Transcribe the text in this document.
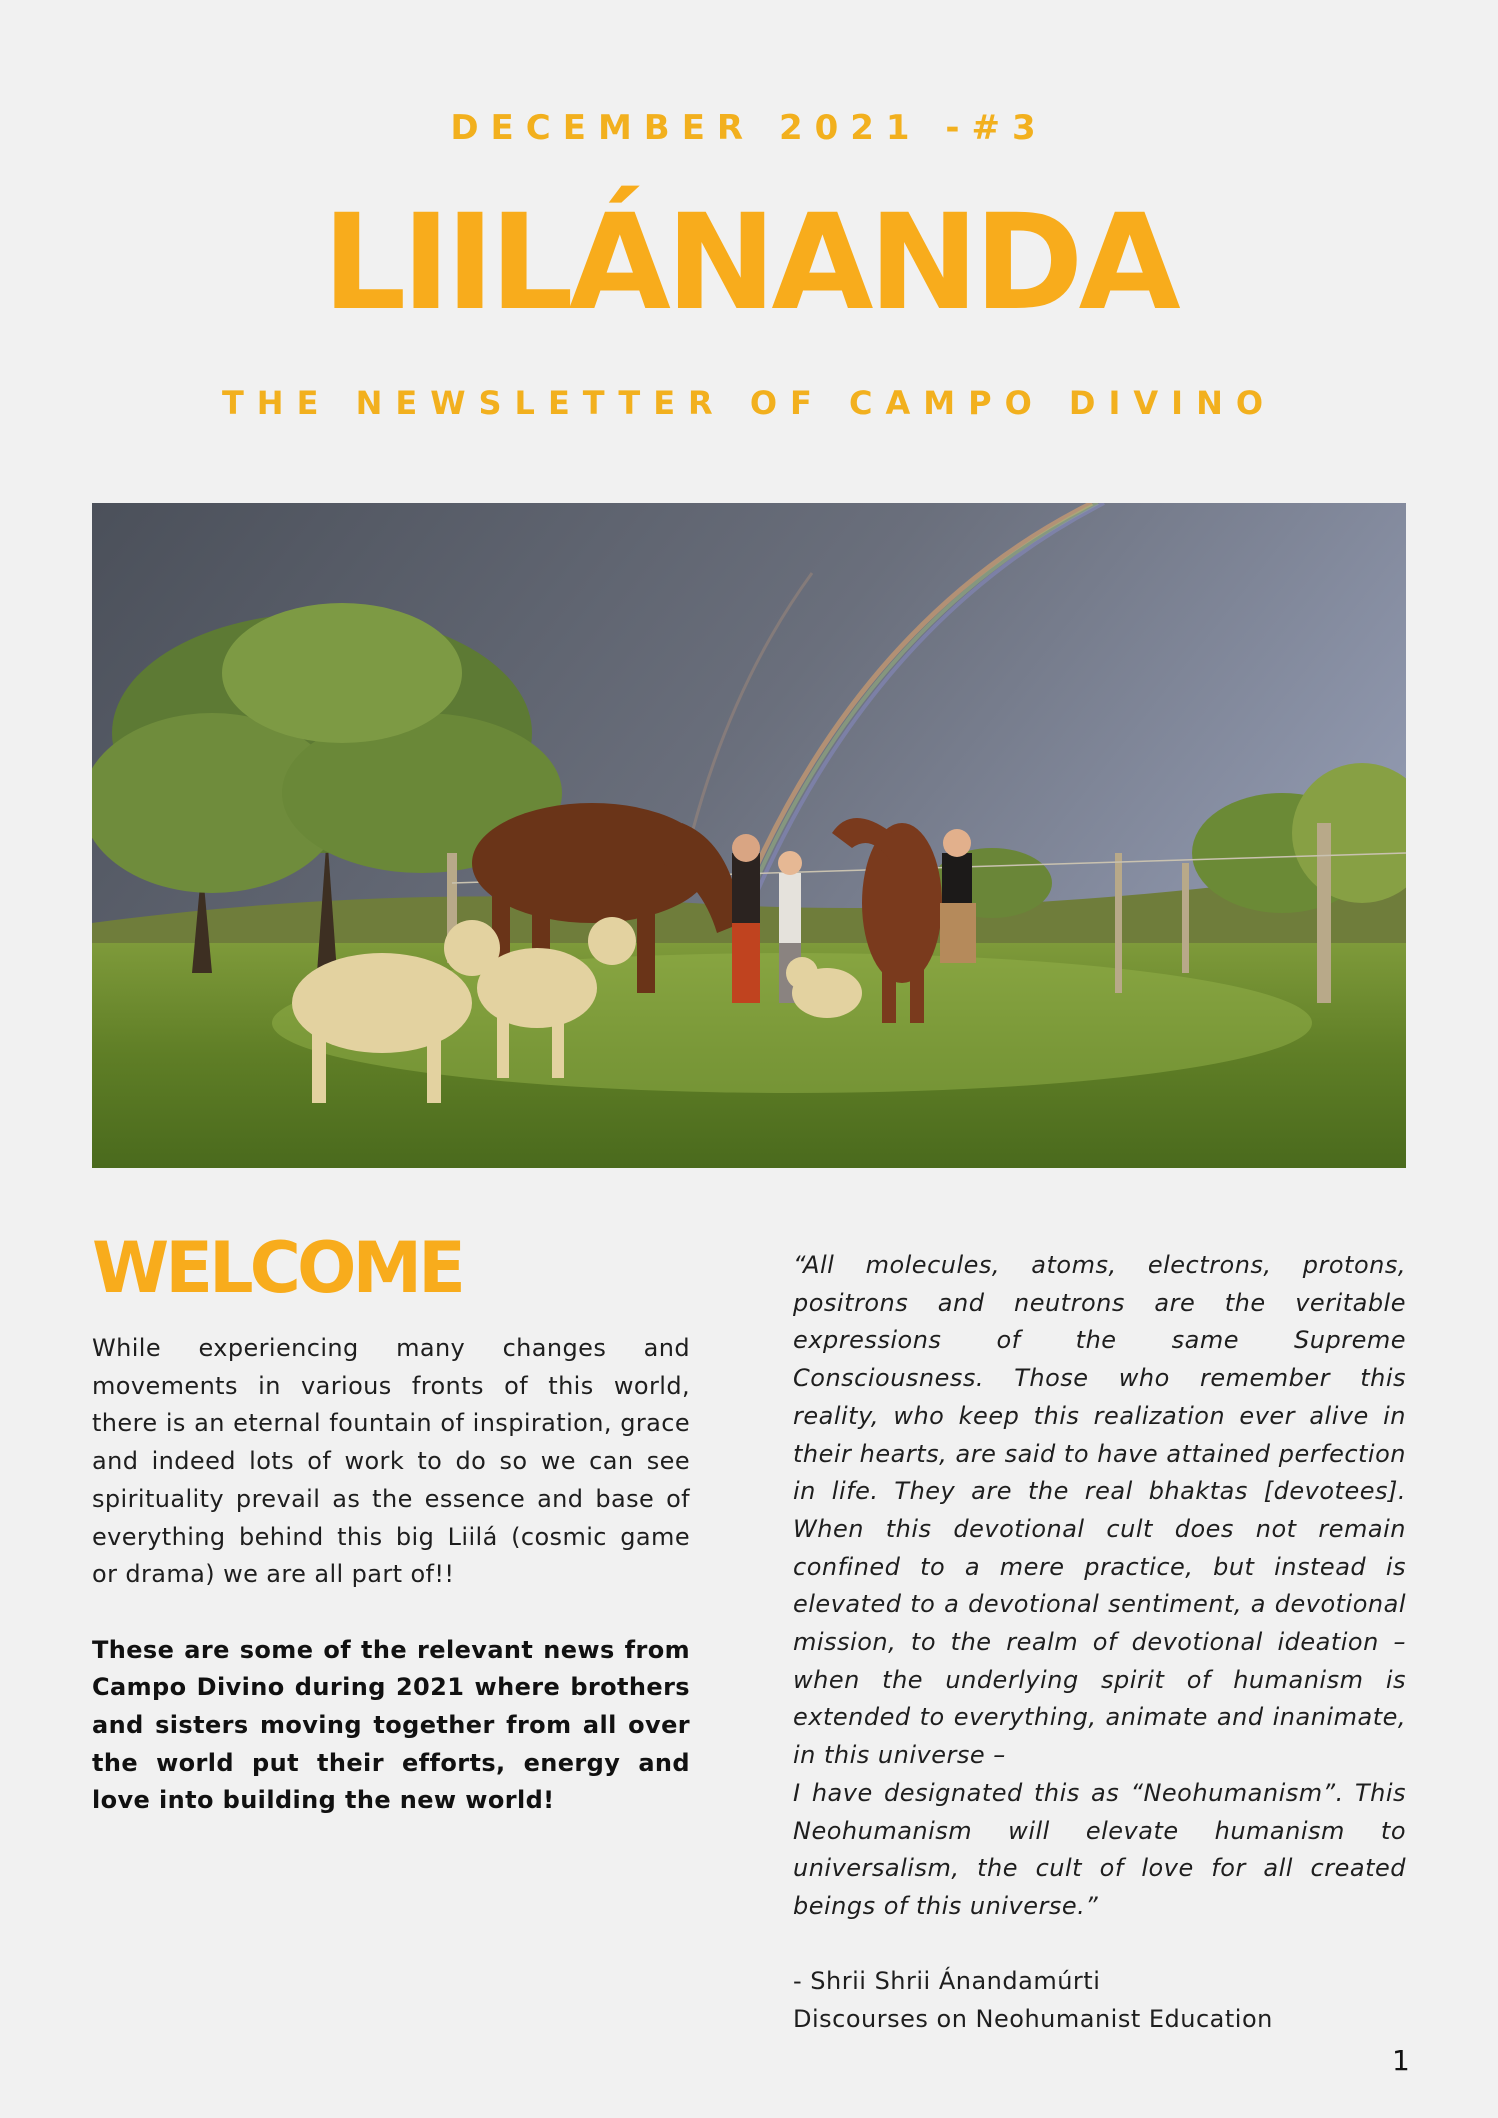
DECEMBER 2021 -#3
LIILÁNANDA
THE NEWSLETTER OF CAMPO DIVINO
WELCOME

While experiencing many changes and movements in various fronts of this world, there is an eternal fountain of inspiration, grace and indeed lots of work to do so we can see spirituality prevail as the essence and base of everything behind this big Liilá (cosmic game or drama) we are all part of!!

These are some of the relevant news from Campo Divino during 2021 where brothers and sisters moving together from all over the world put their efforts, energy and love into building the new world!

“All molecules, atoms, electrons, protons, positrons and neutrons are the veritable expressions of the same Supreme Consciousness. Those who remember this reality, who keep this realization ever alive in their hearts, are said to have attained perfection in life. They are the real bhaktas [devotees]. When this devotional cult does not remain confined to a mere practice, but instead is elevated to a devotional sentiment, a devotional mission, to the realm of devotional ideation – when the underlying spirit of humanism is extended to everything, animate and inanimate, in this universe –
I have designated this as “Neohumanism”. This Neohumanism will elevate humanism to universalism, the cult of love for all created beings of this universe.”

- Shrii Shrii Ánandamúrti
Discourses on Neohumanist Education

1
